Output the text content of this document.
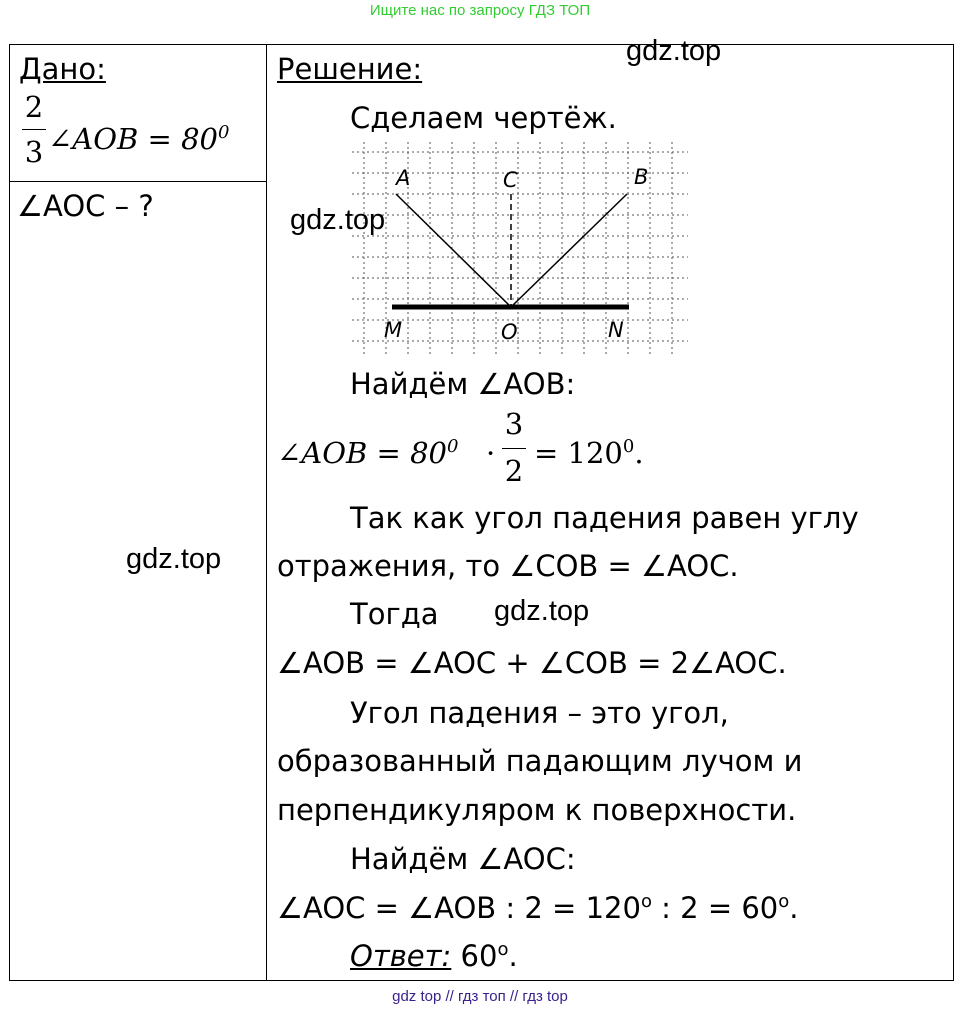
Ищите нас по запросу ГДЗ ТОП
Дано:
2
3 ∠AOB = $80^0$
∠AOC – ?
Решение:
Сделаем чертёж.
A	C	B
M	O	N
Найдём ∠AOB:
∠AOB = $80^0$ ·
3
2
= $120^0$.
Так как угол падения равен углу
отражения, то ∠COB = ∠AOC.
Тогда
∠AOB = ∠AOC + ∠COB = 2∠AOC.
Угол падения – это угол,
образованный падающим лучом и
перпендикуляром к поверхности.
Найдём ∠AOC:
∠AOC = ∠AOB : $2 = 120^о$ : $2 = 60^о$.
Ответ: $60^о$.
gdz.top
gdz.top
gdz.top
gdz.top
gdz top // гдз топ // гдз top
